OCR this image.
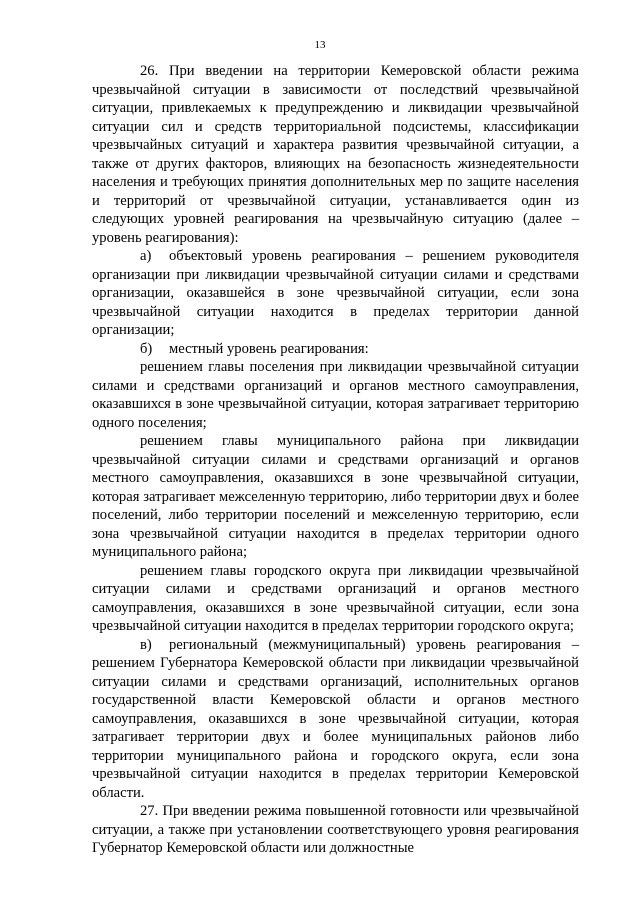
13

26. При введении на территории Кемеровской области режима чрезвычайной ситуации в зависимости от последствий чрезвычайной ситуации, привлекаемых к предупреждению и ликвидации чрезвычайной ситуации сил и средств территориальной подсистемы, классификации чрезвычайных ситуаций и характера развития чрезвычайной ситуации, а также от других факторов, влияющих на безопасность жизнедеятельности населения и требующих принятия дополнительных мер по защите населения и территорий от чрезвычайной ситуации, устанавливается один из следующих уровней реагирования на чрезвычайную ситуацию (далее – уровень реагирования):

а) объектовый уровень реагирования – решением руководителя организации при ликвидации чрезвычайной ситуации силами и средствами организации, оказавшейся в зоне чрезвычайной ситуации, если зона чрезвычайной ситуации находится в пределах территории данной организации;

б) местный уровень реагирования:

решением главы поселения при ликвидации чрезвычайной ситуации силами и средствами организаций и органов местного самоуправления, оказавшихся в зоне чрезвычайной ситуации, которая затрагивает территорию одного поселения;

решением главы муниципального района при ликвидации чрезвычайной ситуации силами и средствами организаций и органов местного самоуправления, оказавшихся в зоне чрезвычайной ситуации, которая затрагивает межселенную территорию, либо территории двух и более поселений, либо территории поселений и межселенную территорию, если зона чрезвычайной ситуации находится в пределах территории одного муниципального района;

решением главы городского округа при ликвидации чрезвычайной ситуации силами и средствами организаций и органов местного самоуправления, оказавшихся в зоне чрезвычайной ситуации, если зона чрезвычайной ситуации находится в пределах территории городского округа;

в) региональный (межмуниципальный) уровень реагирования – решением Губернатора Кемеровской области при ликвидации чрезвычайной ситуации силами и средствами организаций, исполнительных органов государственной власти Кемеровской области и органов местного самоуправления, оказавшихся в зоне чрезвычайной ситуации, которая затрагивает территории двух и более муниципальных районов либо территории муниципального района и городского округа, если зона чрезвычайной ситуации находится в пределах территории Кемеровской области.

27. При введении режима повышенной готовности или чрезвычайной ситуации, а также при установлении соответствующего уровня реагирования Губернатор Кемеровской области или должностные
